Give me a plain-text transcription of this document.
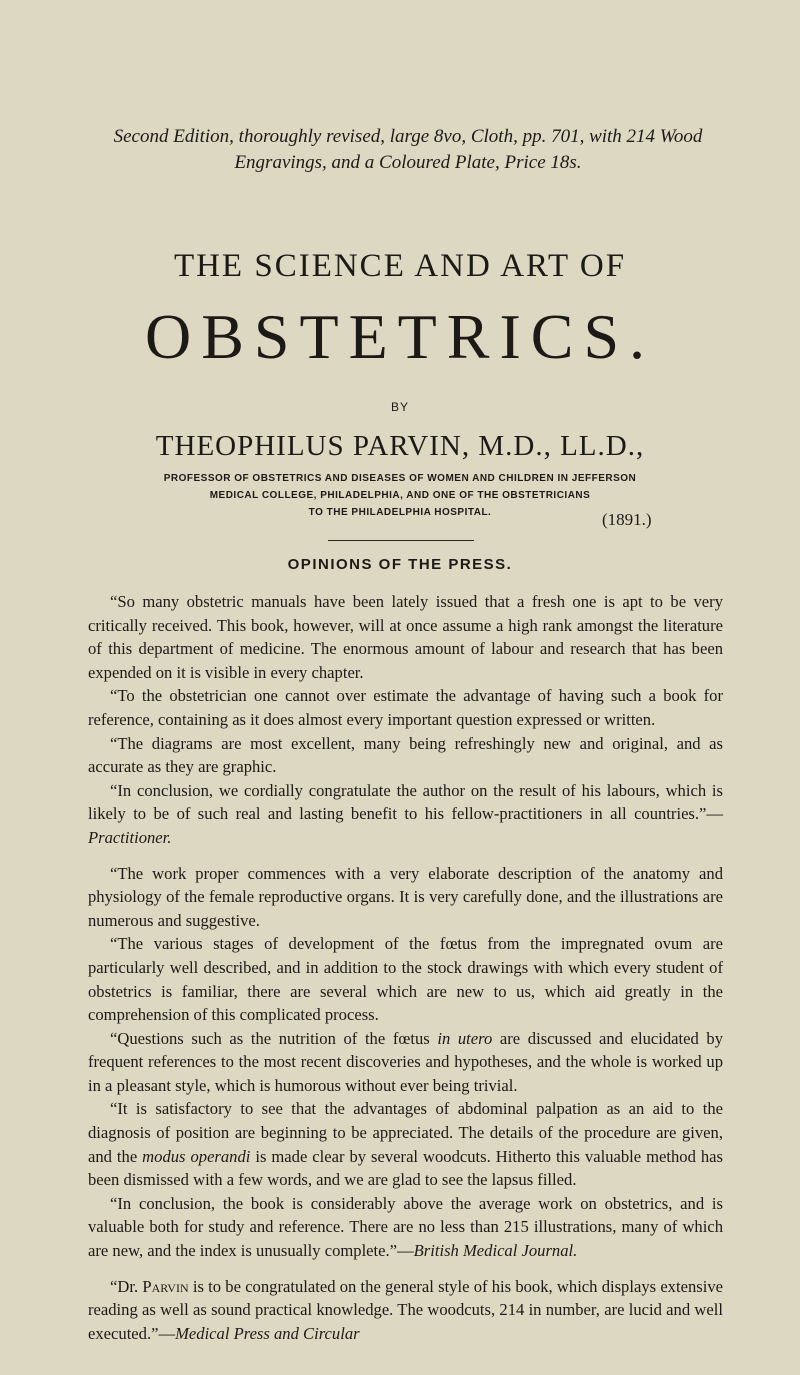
Second Edition, thoroughly revised, large 8vo, Cloth, pp. 701, with 214 Wood Engravings, and a Coloured Plate, Price 18s.
THE SCIENCE AND ART OF
OBSTETRICS.
BY
THEOPHILUS PARVIN, M.D., LL.D.,
PROFESSOR OF OBSTETRICS AND DISEASES OF WOMEN AND CHILDREN IN JEFFERSON
MEDICAL COLLEGE, PHILADELPHIA, AND ONE OF THE OBSTETRICIANS
TO THE PHILADELPHIA HOSPITAL.	(1891.)
OPINIONS OF THE PRESS.

“So many obstetric manuals have been lately issued that a fresh one is apt to be very critically received. This book, however, will at once assume a high rank amongst the literature of this department of medicine. The enormous amount of labour and research that has been expended on it is visible in every chapter.

“To the obstetrician one cannot over estimate the advantage of having such a book for reference, containing as it does almost every important question expressed or written.

“The diagrams are most excellent, many being refreshingly new and original, and as accurate as they are graphic.

“In conclusion, we cordially congratulate the author on the result of his labours, which is likely to be of such real and lasting benefit to his fellow-practitioners in all countries.”—Practitioner.

“The work proper commences with a very elaborate description of the anatomy and physiology of the female reproductive organs. It is very carefully done, and the illustrations are numerous and suggestive.

“The various stages of development of the fœtus from the impregnated ovum are particularly well described, and in addition to the stock drawings with which every student of obstetrics is familiar, there are several which are new to us, which aid greatly in the comprehension of this complicated process.

“Questions such as the nutrition of the fœtus in utero are discussed and elucidated by frequent references to the most recent discoveries and hypotheses, and the whole is worked up in a pleasant style, which is humorous without ever being trivial.

“It is satisfactory to see that the advantages of abdominal palpation as an aid to the diagnosis of position are beginning to be appreciated. The details of the procedure are given, and the modus operandi is made clear by several woodcuts. Hitherto this valuable method has been dismissed with a few words, and we are glad to see the lapsus filled.

“In conclusion, the book is considerably above the average work on obstetrics, and is valuable both for study and reference. There are no less than 215 illustrations, many of which are new, and the index is unusually complete.”—British Medical Journal.

“Dr. Parvin is to be congratulated on the general style of his book, which displays extensive reading as well as sound practical knowledge. The woodcuts, 214 in number, are lucid and well executed.”—Medical Press and Circular
